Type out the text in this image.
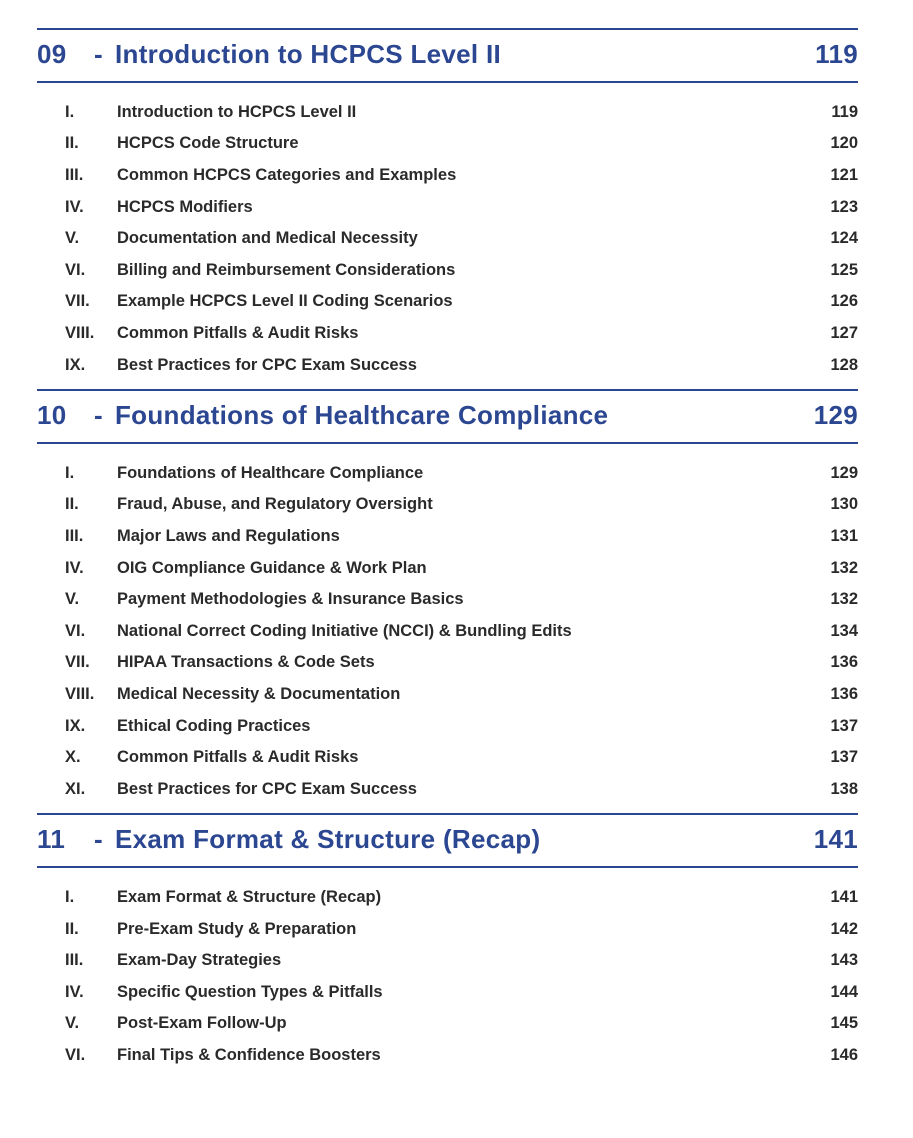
09	- Introduction to HCPCS Level II	119
I.	Introduction to HCPCS Level II	119
II.	HCPCS Code Structure	120
III.	Common HCPCS Categories and Examples	121
IV.	HCPCS Modifiers	123
V.	Documentation and Medical Necessity	124
VI.	Billing and Reimbursement Considerations	125
VII.	Example HCPCS Level II Coding Scenarios	126
VIII.	Common Pitfalls & Audit Risks	127
IX.	Best Practices for CPC Exam Success	128
10	- Foundations of Healthcare Compliance	129
I.	Foundations of Healthcare Compliance	129
II.	Fraud, Abuse, and Regulatory Oversight	130
III.	Major Laws and Regulations	131
IV.	OIG Compliance Guidance & Work Plan	132
V.	Payment Methodologies & Insurance Basics	132
VI.	National Correct Coding Initiative (NCCI) & Bundling Edits	134
VII.	HIPAA Transactions & Code Sets	136
VIII.	Medical Necessity & Documentation	136
IX.	Ethical Coding Practices	137
X.	Common Pitfalls & Audit Risks	137
XI.	Best Practices for CPC Exam Success	138
11	- Exam Format & Structure (Recap)	141
I.	Exam Format & Structure (Recap)	141
II.	Pre-Exam Study & Preparation	142
III.	Exam-Day Strategies	143
IV.	Specific Question Types & Pitfalls	144
V.	Post-Exam Follow-Up	145
VI.	Final Tips & Confidence Boosters	146
